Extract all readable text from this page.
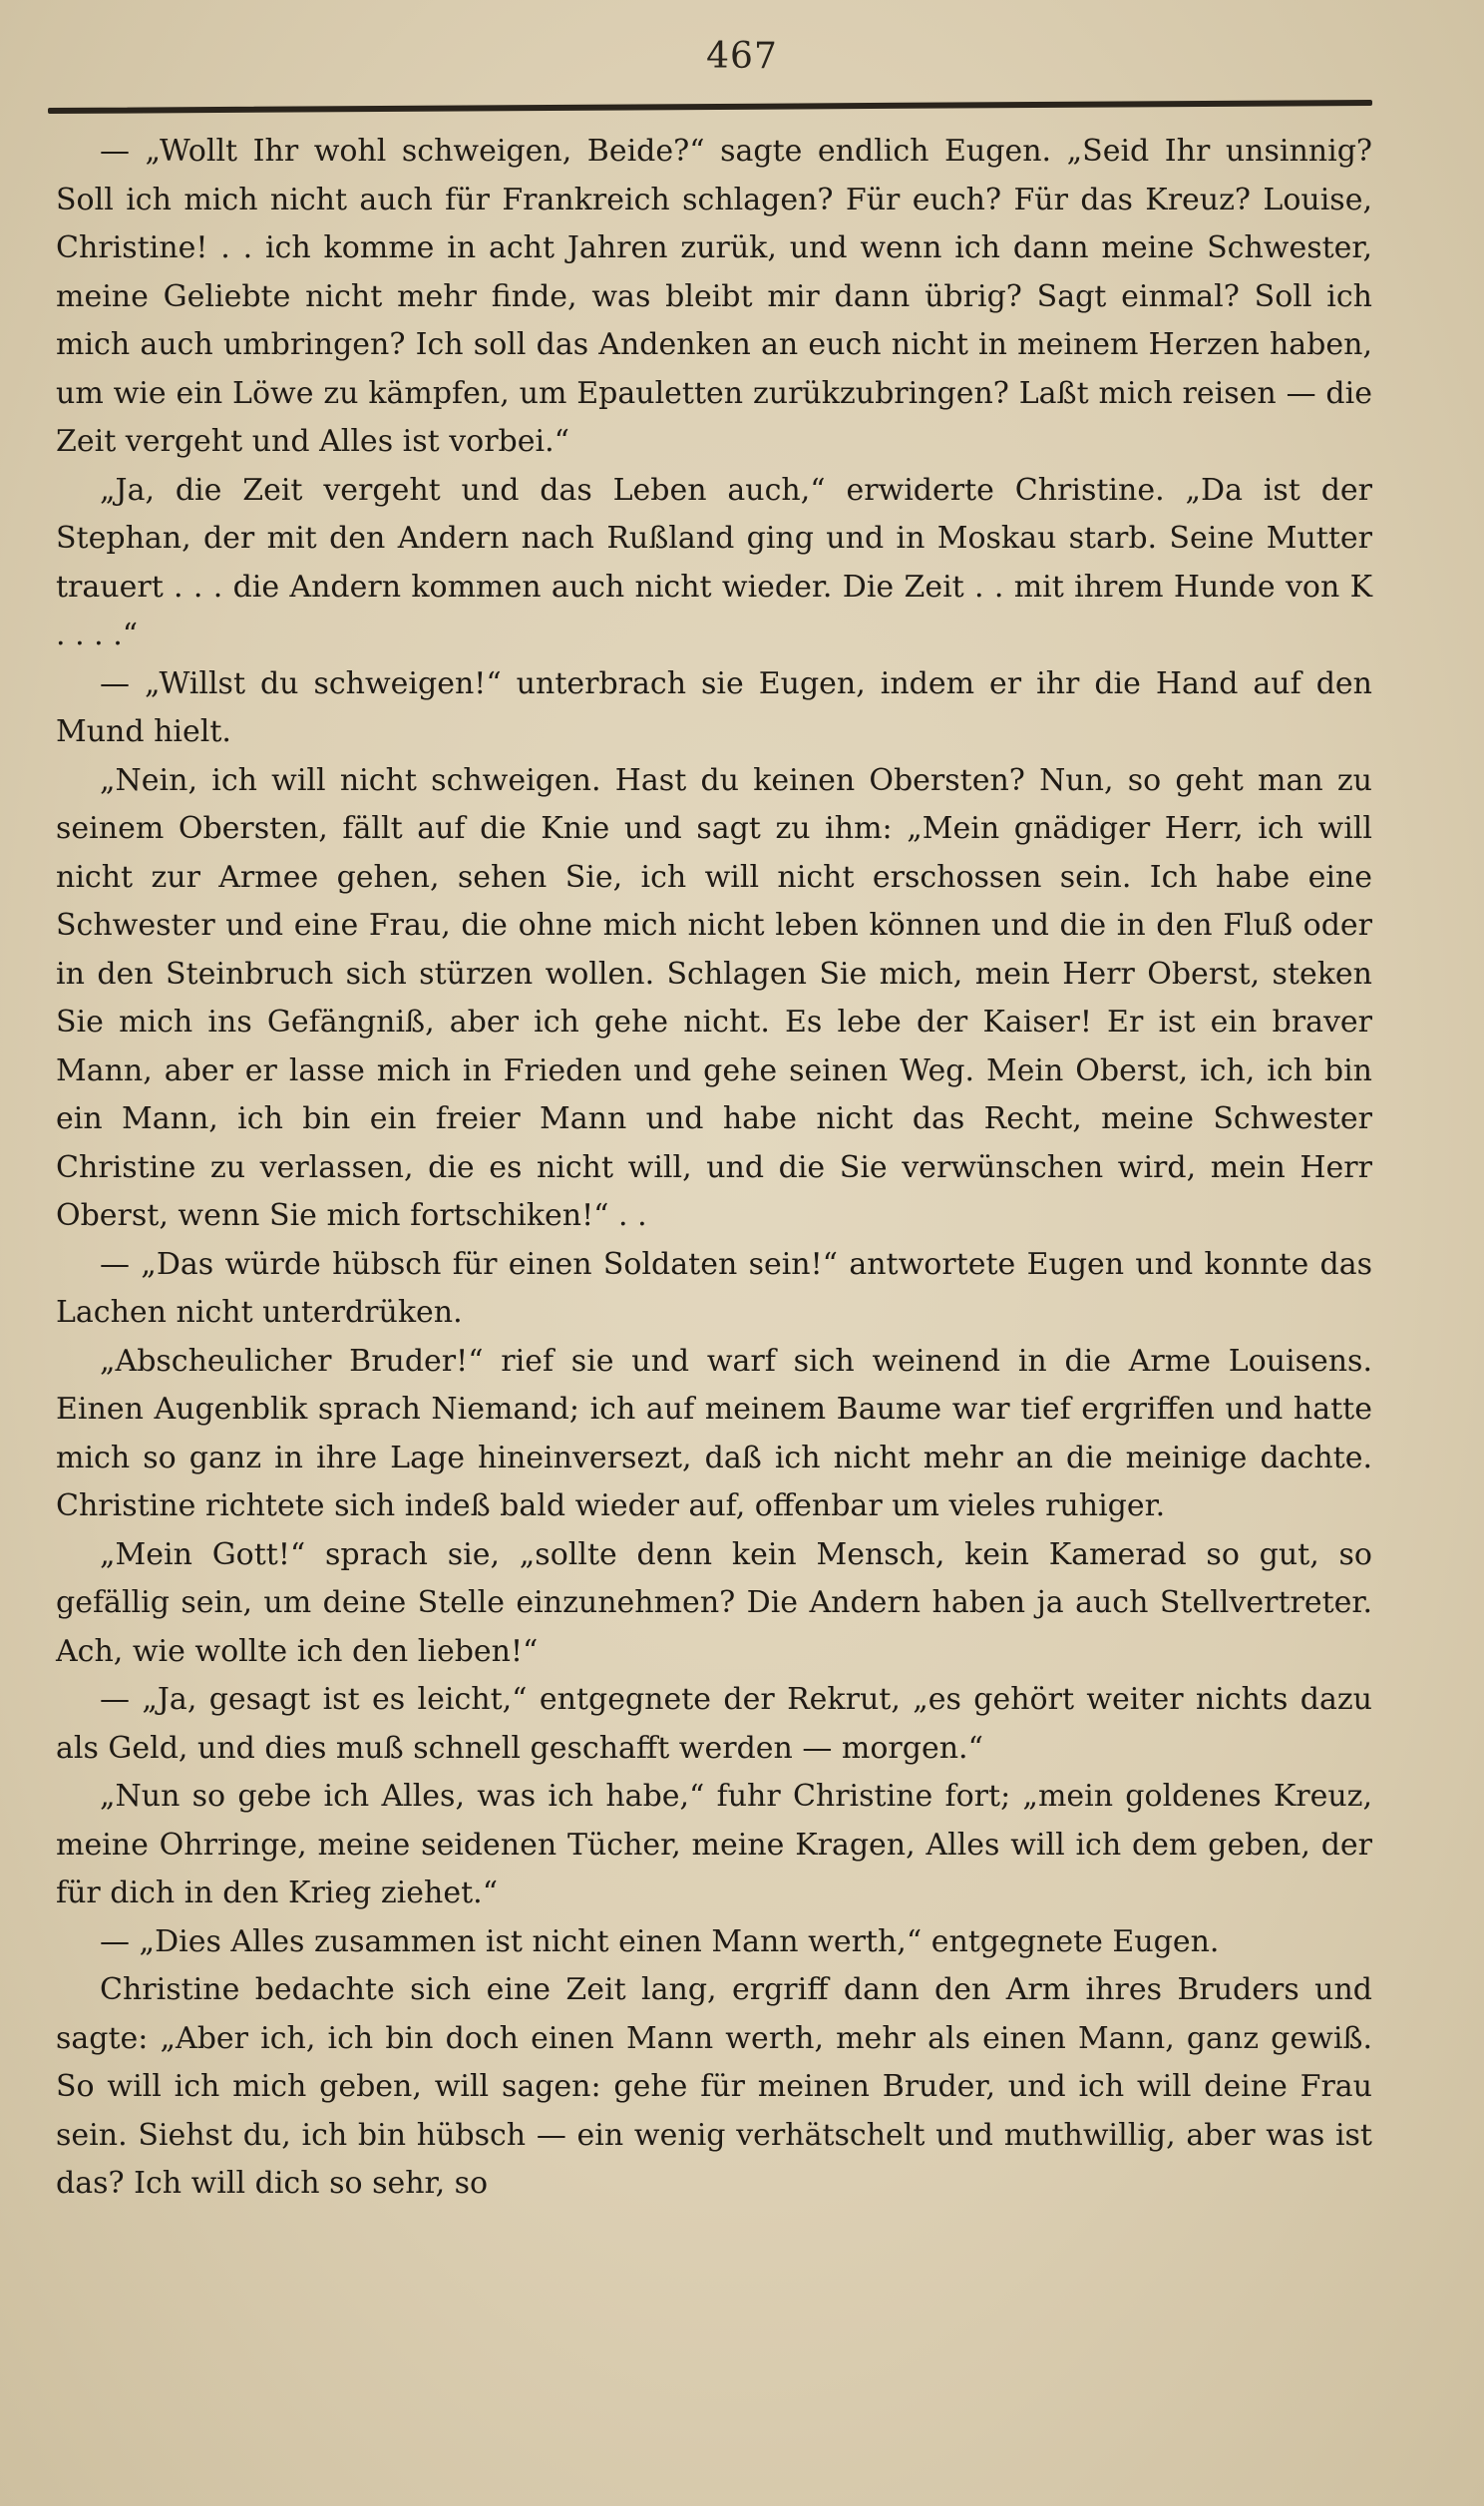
467

— „Wollt Ihr wohl schweigen, Beide?“ sagte endlich Eugen. „Seid Ihr unsinnig? Soll ich mich nicht auch für Frankreich schlagen? Für euch? Für das Kreuz? Louise, Christine! . . ich komme in acht Jahren zurük, und wenn ich dann meine Schwester, meine Geliebte nicht mehr finde, was bleibt mir dann übrig? Sagt einmal? Soll ich mich auch umbringen? Ich soll das Andenken an euch nicht in meinem Herzen haben, um wie ein Löwe zu kämpfen, um Epauletten zurükzubringen? Laßt mich reisen — die Zeit vergeht und Alles ist vorbei.“

„Ja, die Zeit vergeht und das Leben auch,“ erwiderte Christine. „Da ist der Stephan, der mit den Andern nach Rußland ging und in Moskau starb. Seine Mutter trauert . . . die Andern kommen auch nicht wieder. Die Zeit . . mit ihrem Hunde von K . . . .“

— „Willst du schweigen!“ unterbrach sie Eugen, indem er ihr die Hand auf den Mund hielt.

„Nein, ich will nicht schweigen. Hast du keinen Obersten? Nun, so geht man zu seinem Obersten, fällt auf die Knie und sagt zu ihm: „Mein gnädiger Herr, ich will nicht zur Armee gehen, sehen Sie, ich will nicht erschossen sein. Ich habe eine Schwester und eine Frau, die ohne mich nicht leben können und die in den Fluß oder in den Steinbruch sich stürzen wollen. Schlagen Sie mich, mein Herr Oberst, steken Sie mich ins Gefängniß, aber ich gehe nicht. Es lebe der Kaiser! Er ist ein braver Mann, aber er lasse mich in Frieden und gehe seinen Weg. Mein Oberst, ich, ich bin ein Mann, ich bin ein freier Mann und habe nicht das Recht, meine Schwester Christine zu verlassen, die es nicht will, und die Sie verwünschen wird, mein Herr Oberst, wenn Sie mich fortschiken!“ . .

— „Das würde hübsch für einen Soldaten sein!“ antwortete Eugen und konnte das Lachen nicht unterdrüken.

„Abscheulicher Bruder!“ rief sie und warf sich weinend in die Arme Louisens. Einen Augenblik sprach Niemand; ich auf meinem Baume war tief ergriffen und hatte mich so ganz in ihre Lage hineinversezt, daß ich nicht mehr an die meinige dachte. Christine richtete sich indeß bald wieder auf, offenbar um vieles ruhiger.

„Mein Gott!“ sprach sie, „sollte denn kein Mensch, kein Kamerad so gut, so gefällig sein, um deine Stelle einzunehmen? Die Andern haben ja auch Stellvertreter. Ach, wie wollte ich den lieben!“

— „Ja, gesagt ist es leicht,“ entgegnete der Rekrut, „es gehört weiter nichts dazu als Geld, und dies muß schnell geschafft werden — morgen.“

„Nun so gebe ich Alles, was ich habe,“ fuhr Christine fort; „mein goldenes Kreuz, meine Ohrringe, meine seidenen Tücher, meine Kragen, Alles will ich dem geben, der für dich in den Krieg ziehet.“

— „Dies Alles zusammen ist nicht einen Mann werth,“ entgegnete Eugen.

Christine bedachte sich eine Zeit lang, ergriff dann den Arm ihres Bruders und sagte: „Aber ich, ich bin doch einen Mann werth, mehr als einen Mann, ganz gewiß. So will ich mich geben, will sagen: gehe für meinen Bruder, und ich will deine Frau sein. Siehst du, ich bin hübsch — ein wenig verhätschelt und muthwillig, aber was ist das? Ich will dich so sehr, so
